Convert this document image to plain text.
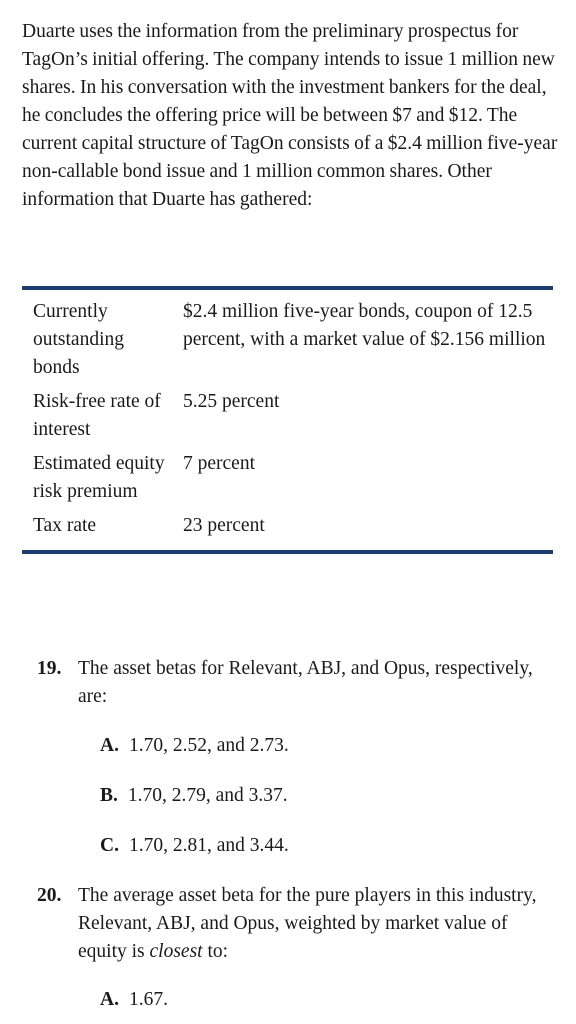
Duarte uses the information from the preliminary prospectus for TagOn’s initial offering. The company intends to issue 1 million new shares. In his conversation with the investment bankers for the deal, he concludes the offering price will be between $7 and $12. The current capital structure of TagOn consists of a $2.4 million five-year non-callable bond issue and 1 million common shares. Other information that Duarte has gathered:

Currently outstanding bonds	$2.4 million five-year bonds, coupon of 12.5 percent, with a market value of $2.156 million
Risk-free rate of interest	5.25 percent
Estimated equity risk premium	7 percent
Tax rate	23 percent
19. The asset betas for Relevant, ABJ, and Opus, respectively, are:
A. 1.70, 2.52, and 2.73.
B. 1.70, 2.79, and 3.37.
C. 1.70, 2.81, and 3.44.
20. The average asset beta for the pure players in this industry, Relevant, ABJ, and Opus, weighted by market value of equity is closest to:
A. 1.67.
